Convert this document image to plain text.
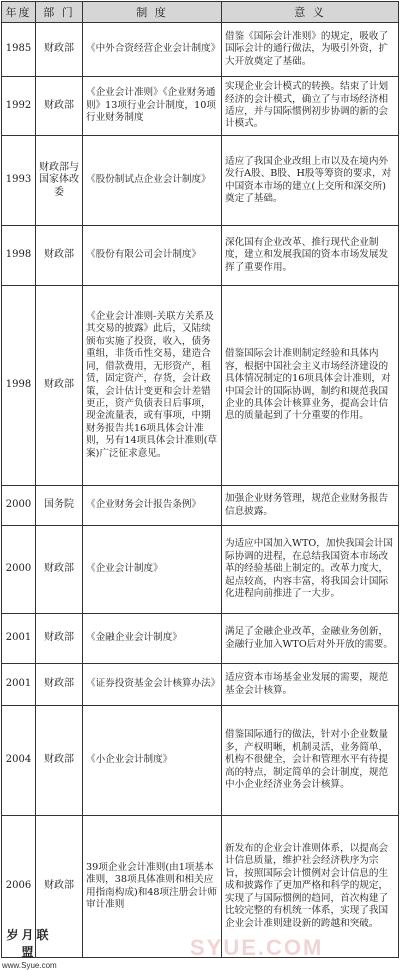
年度	部 门	制 度	意 义
1985	财政部	《中外合资经营企业会计制度》	借鉴《国际会计准则》的规定，吸收了国际会计的通行做法，为吸引外资，扩大开放奠定了基础。
1992	财政部	《企业会计准则》《企业财务通则》13项行业会计制度，10项行业财务制度	实现企业会计模式的转换。结束了计划经济的会计模式，确立了与市场经济相适应，并与国际惯例初步协调的新的会计模式。
1993	财政部与国家体改委	《股份制试点企业会计制度》	适应了我国企业改组上市以及在境内外发行A股、B股、H股等筹资的要求，对中国资本市场的建立(上交所和深交所)奠定了基础。
1998	财政部	《股份有限公司会计制度》	深化国有企业改革、推行现代企业制度，建立和发展我国的资本市场发展发挥了重要作用。
1998	财政部	《企业会计准则-关联方关系及其交易的披露》此后，又陆续颁布实施了投资，收入，债务重组，非货币性交易，建造合同，借款费用，无形资产，租赁，固定资产，存货，会计政策，会计估计变更和会计差错更正，资产负债表日后事项，现金流量表，或有事项，中期财务报告共16项具体会计准则，另有14项具体会计准则(草案)广泛征求意见。	借鉴国际会计准则制定经验和具体内容，根据中国社会主义市场经济建设的具体情况制定的16项具体会计准则，对中国会计的国际协调，制约和规范我国企业的具体会计核算业务，提高会计信息的质量起到了十分重要的作用。
2000	国务院	《企业财务会计报告条例》	加强企业财务管理，规范企业财务报告信息披露。
2000	财政部	《企业会计制度》	为适应中国加入WTO，加快我国会计国际协调的进程，在总结我国资本市场改革的经验基础上制定的。改革力度大，起点较高，内容丰富，将我国会计国际化进程向前推进了一大步。
2001	财政部	《金融企业会计制度》	满足了金融企业改革，金融业务创新，金融行业加入WTO后对外开放的需要。
2001	财政部	《证券投资基金会计核算办法》	适应资本市场基金业发展的需要，规范基金会计核算。
2004	财政部	《小企业会计制度》	借鉴国际通行的做法，针对小企业数量多，产权明晰，机制灵活，业务简单，机构不很健全，会计和管理水平有待提高的特点，制定简单的会计制度，规范中小企业经济业务会计核算。
2006	财政部	39项企业会计准则(由1项基本准则，38项具体准则和相关应用指南构成)和48项注册会计师审计准则	新发布的企业会计准则体系，以提高会计信息质量，维护社会经济秩序为宗旨，按照国际会计惯例对会计信息的生成和披露作了更加严格和科学的规定，实现了与国际惯例的趋同，首次构建了比较完整的有机统一体系，实现了我国企业会计准则建设新的跨越和突破。
岁月联盟
www.Syue.com
SYUE.COM
